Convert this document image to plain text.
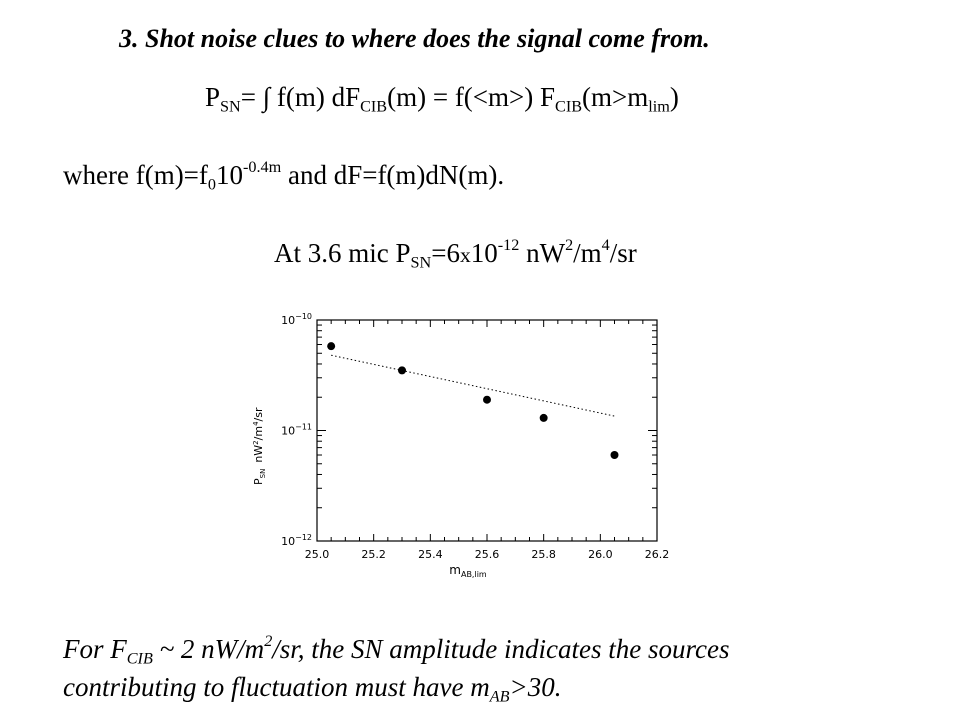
3. Shot noise clues to where does the signal come from.
$P_{SN}=$ ∫ f(m) $dF_{CIB}(m) = f(<m>)$ $F_{CIB}(m>m_{lim})$
where $f(m)=f_010^{-0.4m}$ and dF=f(m)dN(m).
At 3.6 mic $P_{SN}=6x10^{-12}$ $nW^2/m^4/sr$
25.0	25.2	25.4	25.6	25.8	26.0	26.2
$10^{-10}$
$10^{-11}$
$10^{-12}$
$m_{AB,lim}$
$P_{SN}nW^2/m^4/sr$
For $F_{CIB}$ ~ 2 $nW/m^2/sr$, the SN amplitude indicates the sources
contributing to fluctuation must have $m_{AB}>30$.
